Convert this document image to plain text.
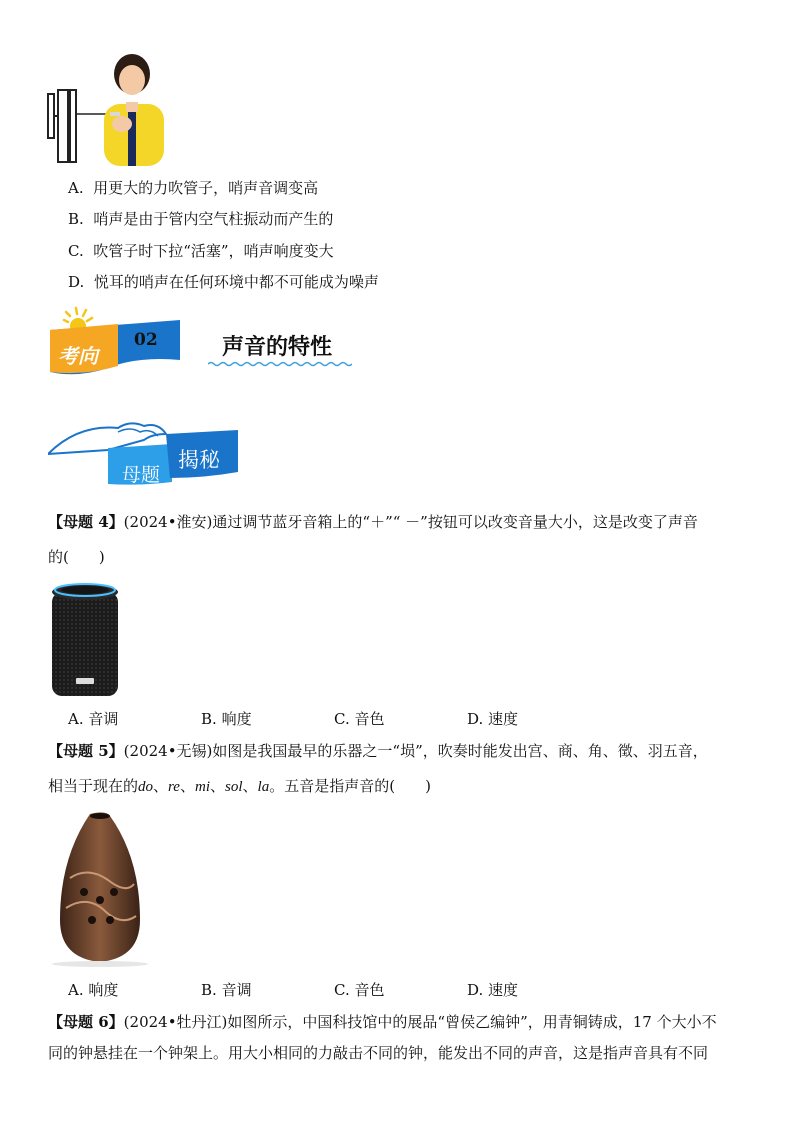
A. 用更大的力吹管子，哨声音调变高
B. 哨声是由于管内空气柱振动而产生的
C. 吹管子时下拉“活塞”，哨声响度变大
D. 悦耳的哨声在任何环境中都不可能成为噪声
考向
02	声音的特性
母题
揭秘
【母题 4】(2024•淮安)通过调节蓝牙音箱上的“＋”“ －”按钮可以改变音量大小，这是改变了声音
的(　　)
A. 音调	B. 响度	C. 音色	D. 速度
【母题 5】(2024•无锡)如图是我国最早的乐器之一“埙”，吹奏时能发出宫、商、角、徵、羽五音，
相当于现在的do、re、mi、sol、la。五音是指声音的(　　)
A. 响度	B. 音调	C. 音色	D. 速度
【母题 6】(2024•牡丹江)如图所示，中国科技馆中的展品“曾侯乙编钟”，用青铜铸成，17 个大小不
同的钟悬挂在一个钟架上。用大小相同的力敲击不同的钟，能发出不同的声音，这是指声音具有不同
